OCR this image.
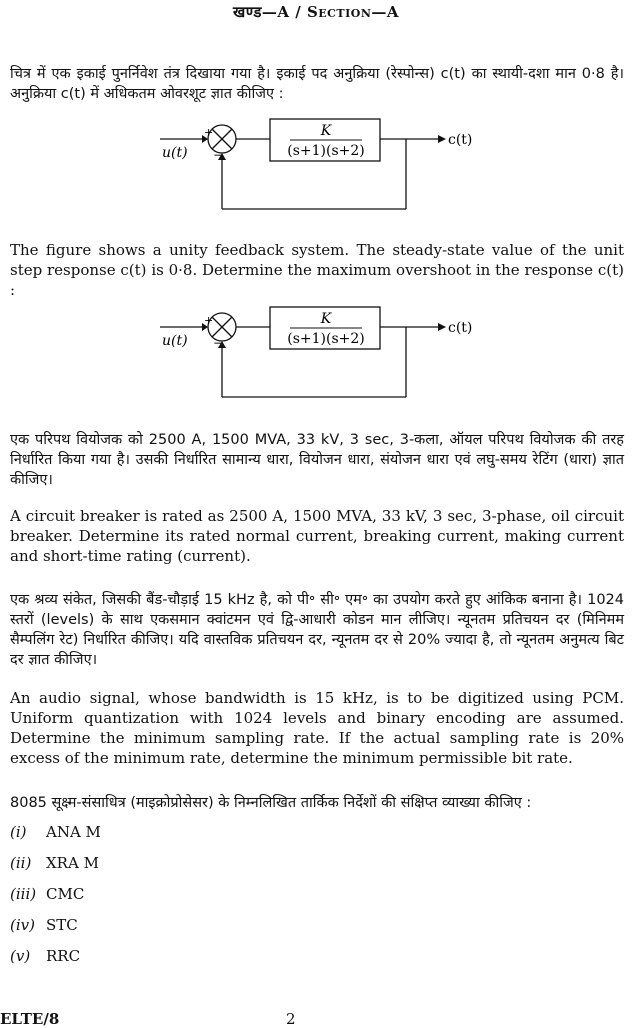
खण्ड—A / Section—A
चित्र में एक इकाई पुनर्निवेश तंत्र दिखाया गया है। इकाई पद अनुक्रिया (रेस्पोन्स) c(t) का स्थायी-दशा मान 0·8 है। अनुक्रिया c(t) में अधिकतम ओवरशूट ज्ञात कीजिए :
u(t)
+
−
K
(s+1)(s+2)
c(t)
The figure shows a unity feedback system. The steady-state value of the unit step response c(t) is 0·8. Determine the maximum overshoot in the response c(t) :
u(t)
+
−
K
(s+1)(s+2)
c(t)
एक परिपथ वियोजक को 2500 A, 1500 MVA, 33 kV, 3 sec, 3-कला, ऑयल परिपथ वियोजक की तरह निर्धारित किया गया है। उसकी निर्धारित सामान्य धारा, वियोजन धारा, संयोजन धारा एवं लघु-समय रेटिंग (धारा) ज्ञात कीजिए।
A circuit breaker is rated as 2500 A, 1500 MVA, 33 kV, 3 sec, 3-phase, oil circuit breaker. Determine its rated normal current, breaking current, making current and short-time rating (current).
एक श्रव्य संकेत, जिसकी बैंड-चौड़ाई 15 kHz है, को पी॰ सी॰ एम॰ का उपयोग करते हुए आंकिक बनाना है। 1024 स्तरों (levels) के साथ एकसमान क्वांटमन एवं द्वि-आधारी कोडन मान लीजिए। न्यूनतम प्रतिचयन दर (मिनिमम सैम्पलिंग रेट) निर्धारित कीजिए। यदि वास्तविक प्रतिचयन दर, न्यूनतम दर से 20% ज्यादा है, तो न्यूनतम अनुमत्य बिट दर ज्ञात कीजिए।
An audio signal, whose bandwidth is 15 kHz, is to be digitized using PCM. Uniform quantization with 1024 levels and binary encoding are assumed. Determine the minimum sampling rate. If the actual sampling rate is 20% excess of the minimum rate, determine the minimum permissible bit rate.
8085 सूक्ष्म-संसाधित्र (माइक्रोप्रोसेसर) के निम्नलिखित तार्किक निर्देशों की संक्षिप्त व्याख्या कीजिए :
(i)	ANA M
(ii) XRA M
(iii) CMC
(iv) STC
(v)	RRC
ELTE/8	2
